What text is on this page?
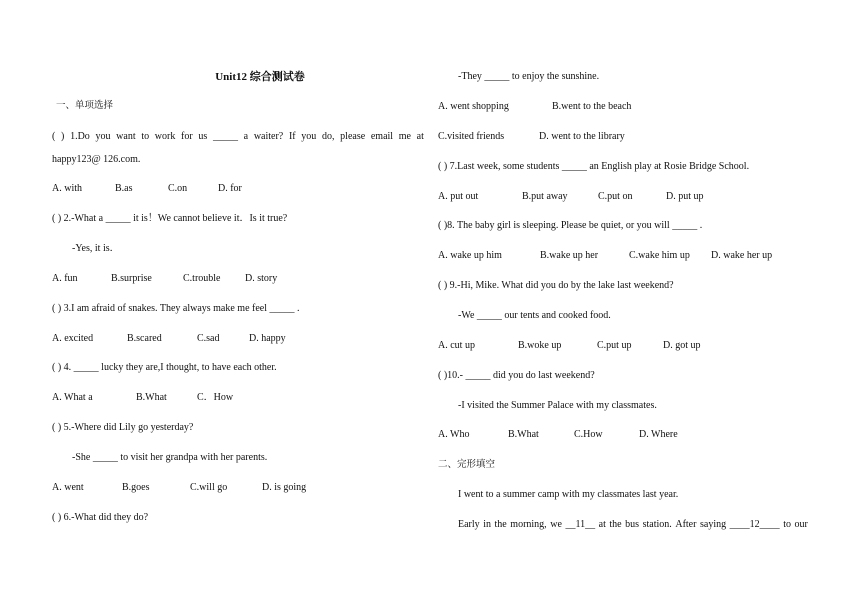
Unit12 综合测试卷
一、单项选择
( ) 1.Do you want to work for us _____ a waiter? If you do, please email me at
happy123@ 126.com.
A. with	B.as	C.on	D. for
( ) 2.-What a _____ it is！We cannot believe it．Is it true?
-Yes, it is．
A. fun	B.surprise	C.trouble D. story
( ) 3.I am afraid of snakes. They always make me feel _____ .
A. excited	B.scared	C.sad	D. happy
( ) 4. _____ lucky they are,I thought, to have each other.
A. What a	B.What	C．How
( ) 5.-Where did Lily go yesterday?
-She _____ to visit her grandpa with her parents.
A. went	B.goes	C.will go	D. is going
( ) 6.-What did they do?
-They _____ to enjoy the sunshine.
A. went shopping	B.went to the beach
C.visited friends	D. went to the library
( ) 7.Last week, some students _____ an English play at Rosie Bridge School.
A. put out	B.put away	C.put on	D. put up
( )8. The baby girl is sleeping. Please be quiet, or you will _____ .
A. wake up him	B.wake up her	C.wake him up D. wake her up
( ) 9.-Hi, Mike. What did you do by the lake last weekend?
-We _____ our tents and cooked food.
A. cut up	B.woke up	C.put up	D. got up
( )10.- _____ did you do last weekend?
-I visited the Summer Palace with my classmates.
A. Who	B.What	C.How	D. Where
二、完形填空
I went to a summer camp with my classmates last year.
Early in the morning, we __11__ at the bus station. After saying ____12____ to our
